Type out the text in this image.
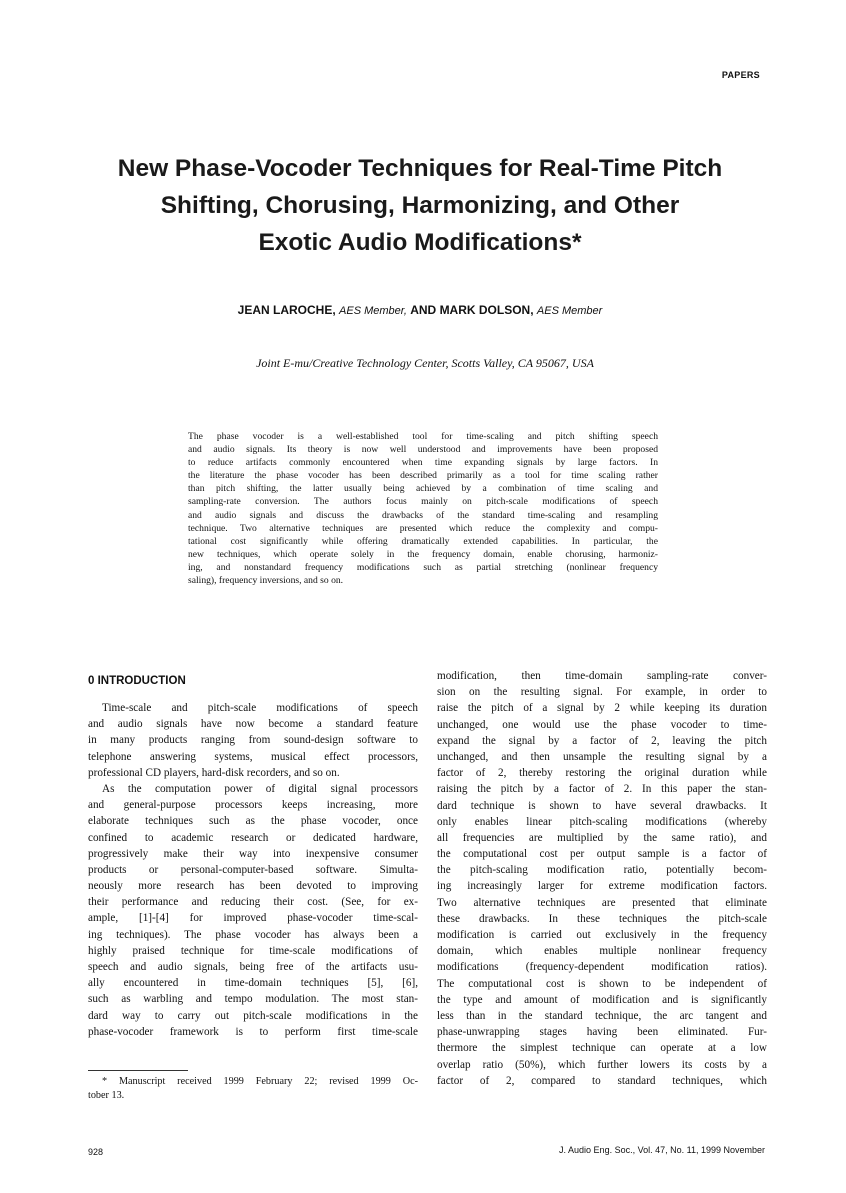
PAPERS
New Phase-Vocoder Techniques for Real-Time Pitch
Shifting, Chorusing, Harmonizing, and Other
Exotic Audio Modifications*
JEAN LAROCHE, AES Member, AND MARK DOLSON, AES Member
Joint E-mu/Creative Technology Center, Scotts Valley, CA 95067, USA
The phase vocoder is a well-established tool for time-scaling and pitch shifting speech
and audio signals. Its theory is now well understood and improvements have been proposed
to reduce artifacts commonly encountered when time expanding signals by large factors. In
the literature the phase vocoder has been described primarily as a tool for time scaling rather
than pitch shifting, the latter usually being achieved by a combination of time scaling and
sampling-rate conversion. The authors focus mainly on pitch-scale modifications of speech
and audio signals and discuss the drawbacks of the standard time-scaling and resampling
technique. Two alternative techniques are presented which reduce the complexity and compu-
tational cost significantly while offering dramatically extended capabilities. In particular, the
new techniques, which operate solely in the frequency domain, enable chorusing, harmoniz-
ing, and nonstandard frequency modifications such as partial stretching (nonlinear frequency
saling), frequency inversions, and so on.
0 INTRODUCTION
Time-scale and pitch-scale modifications of speech
and audio signals have now become a standard feature
in many products ranging from sound-design software to
telephone answering systems, musical effect processors,
professional CD players, hard-disk recorders, and so on.
As the computation power of digital signal processors
and general-purpose processors keeps increasing, more
elaborate techniques such as the phase vocoder, once
confined to academic research or dedicated hardware,
progressively make their way into inexpensive consumer
products or personal-computer-based software. Simulta-
neously more research has been devoted to improving
their performance and reducing their cost. (See, for ex-
ample, [1]-[4] for improved phase-vocoder time-scal-
ing techniques). The phase vocoder has always been a
highly praised technique for time-scale modifications of
speech and audio signals, being free of the artifacts usu-
ally encountered in time-domain techniques [5], [6],
such as warbling and tempo modulation. The most stan-
dard way to carry out pitch-scale modifications in the
phase-vocoder framework is to perform first time-scale
modification, then time-domain sampling-rate conver-
sion on the resulting signal. For example, in order to
raise the pitch of a signal by 2 while keeping its duration
unchanged, one would use the phase vocoder to time-
expand the signal by a factor of 2, leaving the pitch
unchanged, and then unsample the resulting signal by a
factor of 2, thereby restoring the original duration while
raising the pitch by a factor of 2. In this paper the stan-
dard technique is shown to have several drawbacks. It
only enables linear pitch-scaling modifications (whereby
all frequencies are multiplied by the same ratio), and
the computational cost per output sample is a factor of
the pitch-scaling modification ratio, potentially becom-
ing increasingly larger for extreme modification factors.
Two alternative techniques are presented that eliminate
these drawbacks. In these techniques the pitch-scale
modification is carried out exclusively in the frequency
domain, which enables multiple nonlinear frequency
modifications (frequency-dependent modification ratios).
The computational cost is shown to be independent of
the type and amount of modification and is significantly
less than in the standard technique, the arc tangent and
phase-unwrapping stages having been eliminated. Fur-
thermore the simplest technique can operate at a low
overlap ratio (50%), which further lowers its costs by a
factor of 2, compared to standard techniques, which
* Manuscript received 1999 February 22; revised 1999 Oc-
tober 13.
928	J. Audio Eng. Soc., Vol. 47, No. 11, 1999 November
